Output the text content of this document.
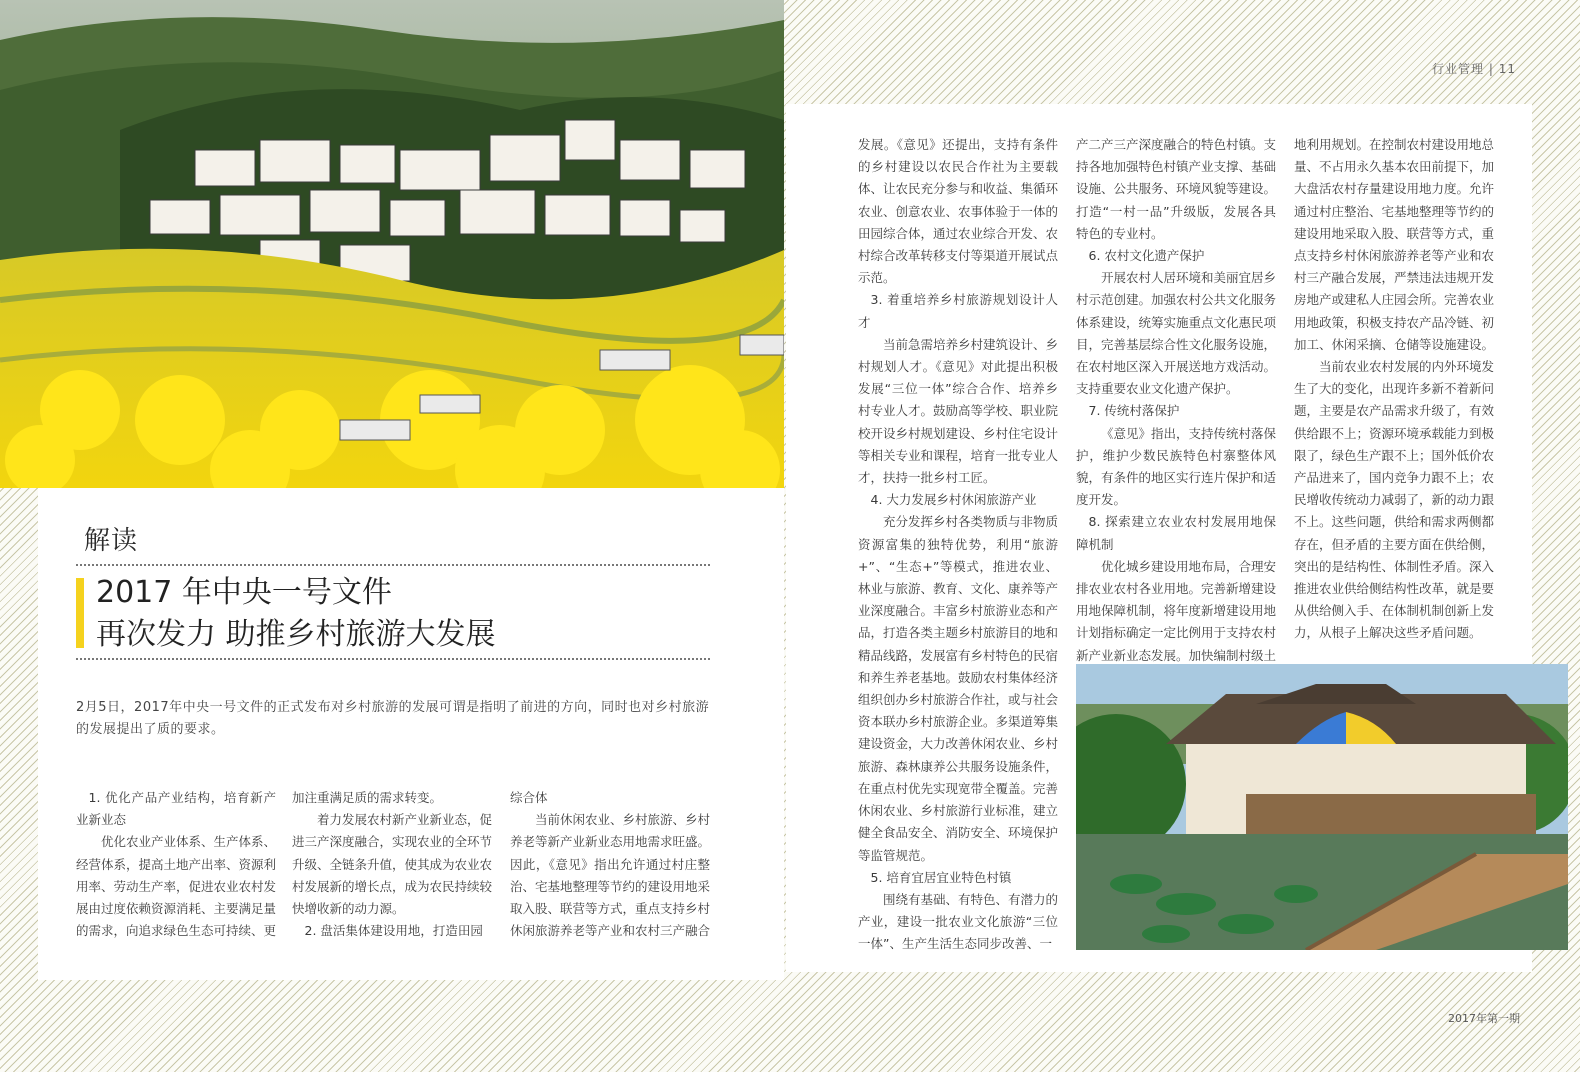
行业管理 | 11
2017年第一期
解读
2017 年中央一号文件
再次发力 助推乡村旅游大发展
2月5日，2017年中央一号文件的正式发布对乡村旅游的发展可谓是指明了前进的方向，同时也对乡村旅游的发展提出了质的要求。

1. 优化产品产业结构，培育新产业新业态

优化农业产业体系、生产体系、经营体系，提高土地产出率、资源利用率、劳动生产率，促进农业农村发展由过度依赖资源消耗、主要满足量的需求，向追求绿色生态可持续、更

加注重满足质的需求转变。

着力发展农村新产业新业态，促进三产深度融合，实现农业的全环节升级、全链条升值，使其成为农业农村发展新的增长点，成为农民持续较快增收新的动力源。

2. 盘活集体建设用地，打造田园

综合体

当前休闲农业、乡村旅游、乡村养老等新产业新业态用地需求旺盛。因此，《意见》指出允许通过村庄整治、宅基地整理等节约的建设用地采取入股、联营等方式，重点支持乡村休闲旅游养老等产业和农村三产融合

发展。《意见》还提出，支持有条件的乡村建设以农民合作社为主要载体、让农民充分参与和收益、集循环农业、创意农业、农事体验于一体的田园综合体，通过农业综合开发、农村综合改革转移支付等渠道开展试点示范。

3. 着重培养乡村旅游规划设计人才

当前急需培养乡村建筑设计、乡村规划人才。《意见》对此提出积极发展“三位一体”综合合作、培养乡村专业人才。鼓励高等学校、职业院校开设乡村规划建设、乡村住宅设计等相关专业和课程，培育一批专业人才，扶持一批乡村工匠。

4. 大力发展乡村休闲旅游产业

充分发挥乡村各类物质与非物质资源富集的独特优势，利用“旅游+”、“生态+”等模式，推进农业、林业与旅游、教育、文化、康养等产业深度融合。丰富乡村旅游业态和产品，打造各类主题乡村旅游目的地和精品线路，发展富有乡村特色的民宿和养生养老基地。鼓励农村集体经济组织创办乡村旅游合作社，或与社会资本联办乡村旅游企业。多渠道筹集建设资金，大力改善休闲农业、乡村旅游、森林康养公共服务设施条件，在重点村优先实现宽带全覆盖。完善休闲农业、乡村旅游行业标准，建立健全食品安全、消防安全、环境保护等监管规范。

5. 培育宜居宜业特色村镇

围绕有基础、有特色、有潜力的产业，建设一批农业文化旅游“三位一体”、生产生活生态同步改善、一

产二产三产深度融合的特色村镇。支持各地加强特色村镇产业支撑、基础设施、公共服务、环境风貌等建设。打造“一村一品”升级版，发展各具特色的专业村。

6. 农村文化遗产保护

开展农村人居环境和美丽宜居乡村示范创建。加强农村公共文化服务体系建设，统筹实施重点文化惠民项目，完善基层综合性文化服务设施，在农村地区深入开展送地方戏活动。支持重要农业文化遗产保护。

7. 传统村落保护

《意见》指出，支持传统村落保护，维护少数民族特色村寨整体风貌，有条件的地区实行连片保护和适度开发。

8. 探索建立农业农村发展用地保障机制

优化城乡建设用地布局，合理安排农业农村各业用地。完善新增建设用地保障机制，将年度新增建设用地计划指标确定一定比例用于支持农村新产业新业态发展。加快编制村级土

地利用规划。在控制农村建设用地总量、不占用永久基本农田前提下，加大盘活农村存量建设用地力度。允许通过村庄整治、宅基地整理等节约的建设用地采取入股、联营等方式，重点支持乡村休闲旅游养老等产业和农村三产融合发展，严禁违法违规开发房地产或建私人庄园会所。完善农业用地政策，积极支持农产品冷链、初加工、休闲采摘、仓储等设施建设。

当前农业农村发展的内外环境发生了大的变化，出现许多新不着新问题，主要是农产品需求升级了，有效供给跟不上；资源环境承载能力到极限了，绿色生产跟不上；国外低价农产品进来了，国内竞争力跟不上；农民增收传统动力减弱了，新的动力跟不上。这些问题，供给和需求两侧都存在，但矛盾的主要方面在供给侧，突出的是结构性、体制性矛盾。深入推进农业供给侧结构性改革，就是要从供给侧入手、在体制机制创新上发力，从根子上解决这些矛盾问题。
